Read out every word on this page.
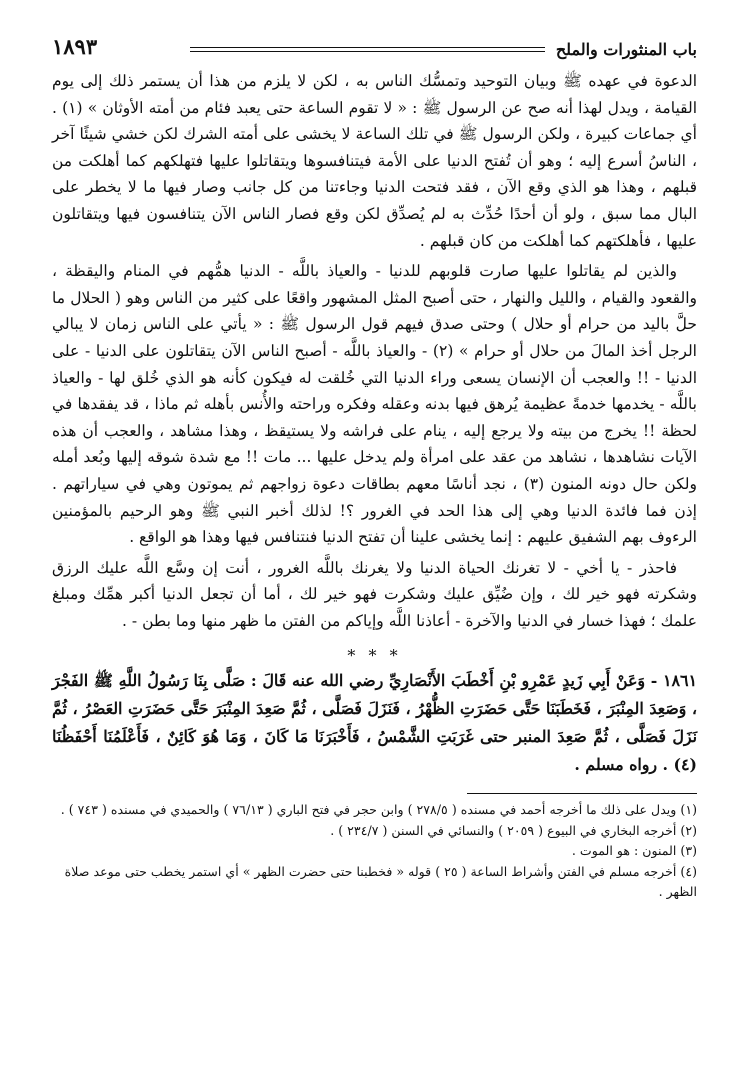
باب المنثورات والملح
١٨٩٣

الدعوة في عهده ﷺ وبيان التوحيد وتمسُّك الناس به ، لكن لا يلزم من هذا أن يستمر ذلك إلى يوم القيامة ، ويدل لهذا أنه صح عن الرسول ﷺ : « لا تقوم الساعة حتى يعبد فئام من أمته الأوثان » (١) . أي جماعات كبيرة ، ولكن الرسول ﷺ في تلك الساعة لا يخشى على أمته الشرك لكن خشي شيئًا آخر ، الناسُ أسرع إليه ؛ وهو أن تُفتح الدنيا على الأمة فيتنافسوها ويتقاتلوا عليها فتهلكهم كما أهلكت من قبلهم ، وهذا هو الذي وقع الآن ، فقد فتحت الدنيا وجاءتنا من كل جانب وصار فيها ما لا يخطر على البال مما سبق ، ولو أن أحدًا حُدِّث به لم يُصدِّق لكن وقع فصار الناس الآن يتنافسون فيها ويتقاتلون عليها ، فأهلكتهم كما أهلكت من كان قبلهم .

والذين لم يقاتلوا عليها صارت قلوبهم للدنيا - والعياذ باللَّه - الدنيا همُّهم في المنام واليقظة ، والقعود والقيام ، والليل والنهار ، حتى أصبح المثل المشهور واقعًا على كثير من الناس وهو ( الحلال ما حلَّ باليد من حرام أو حلال ) وحتى صدق فيهم قول الرسول ﷺ : « يأتي على الناس زمان لا يبالي الرجل أخذ المالَ من حلال أو حرام » (٢) - والعياذ باللَّه - أصبح الناس الآن يتقاتلون على الدنيا - على الدنيا - !! والعجب أن الإنسان يسعى وراء الدنيا التي خُلقت له فيكون كأنه هو الذي خُلق لها - والعياذ باللَّه - يخدمها خدمةً عظيمة يُرهق فيها بدنه وعقله وفكره وراحته والأُنس بأهله ثم ماذا ، قد يفقدها في لحظة !! يخرج من بيته ولا يرجع إليه ، ينام على فراشه ولا يستيقظ ، وهذا مشاهد ، والعجب أن هذه الآيات نشاهدها ، نشاهد من عقد على امرأة ولم يدخل عليها ... مات !! مع شدة شوقه إليها وبُعد أمله ولكن حال دونه المنون (٣) ، نجد أناسًا معهم بطاقات دعوة زواجهم ثم يموتون وهي في سياراتهم . إذن فما فائدة الدنيا وهي إلى هذا الحد في الغرور ؟! لذلك أخبر النبي ﷺ وهو الرحيم بالمؤمنين الرءوف بهم الشفيق عليهم : إنما يخشى علينا أن تفتح الدنيا فنتنافس فيها وهذا هو الواقع .

فاحذر - يا أخي - لا تغرنك الحياة الدنيا ولا يغرنك باللَّه الغرور ، أنت إن وسَّع اللَّه عليك الرزق وشكرته فهو خير لك ، وإن ضُيِّق عليك وشكرت فهو خير لك ، أما أن تجعل الدنيا أكبر همِّك ومبلغ علمك ؛ فهذا خسار في الدنيا والآخرة - أعاذنا اللَّه وإياكم من الفتن ما ظهر منها وما بطن - .

* * *
١٨٦١ - وَعَنْ أَبِي زَيدٍ عَمْرِو بْنِ أَخْطَبَ الأَنْصَارِيِّ رضي الله عنه قَالَ : صَلَّى بِنَا رَسُولُ اللَّهِ ﷺ الفَجْرَ ، وَصَعِدَ المِنْبَرَ ، فَخَطَبَنَا حَتَّى حَضَرَتِ الظُّهْرُ ، فَنَزَلَ فَصَلَّى ، ثُمَّ صَعِدَ المِنْبَرَ حَتَّى حَضَرَتِ العَصْرُ ، ثُمَّ نَزَلَ فَصَلَّى ، ثُمَّ صَعِدَ المنبر حتى غَرَبَتِ الشَّمْسُ ، فَأَخْبَرَنَا مَا كَانَ ، وَمَا هُوَ كَائِنٌ ، فَأَعْلَمُنَا أَحْفَظُنَا (٤) . رواه مسلم .

(١) ويدل على ذلك ما أخرجه أحمد في مسنده ( ٢٧٨/٥ ) وابن حجر في فتح الباري ( ٧٦/١٣ ) والحميدي في مسنده ( ٧٤٣ ) . (٢) أخرجه البخاري في البيوع ( ٢٠٥٩ ) والنسائي في السنن ( ٢٣٤/٧ ) .

(٣) المنون : هو الموت .

(٤) أخرجه مسلم في الفتن وأشراط الساعة ( ٢٥ ) قوله « فخطبنا حتى حضرت الظهر » أي استمر يخطب حتى موعد صلاة الظهر .
